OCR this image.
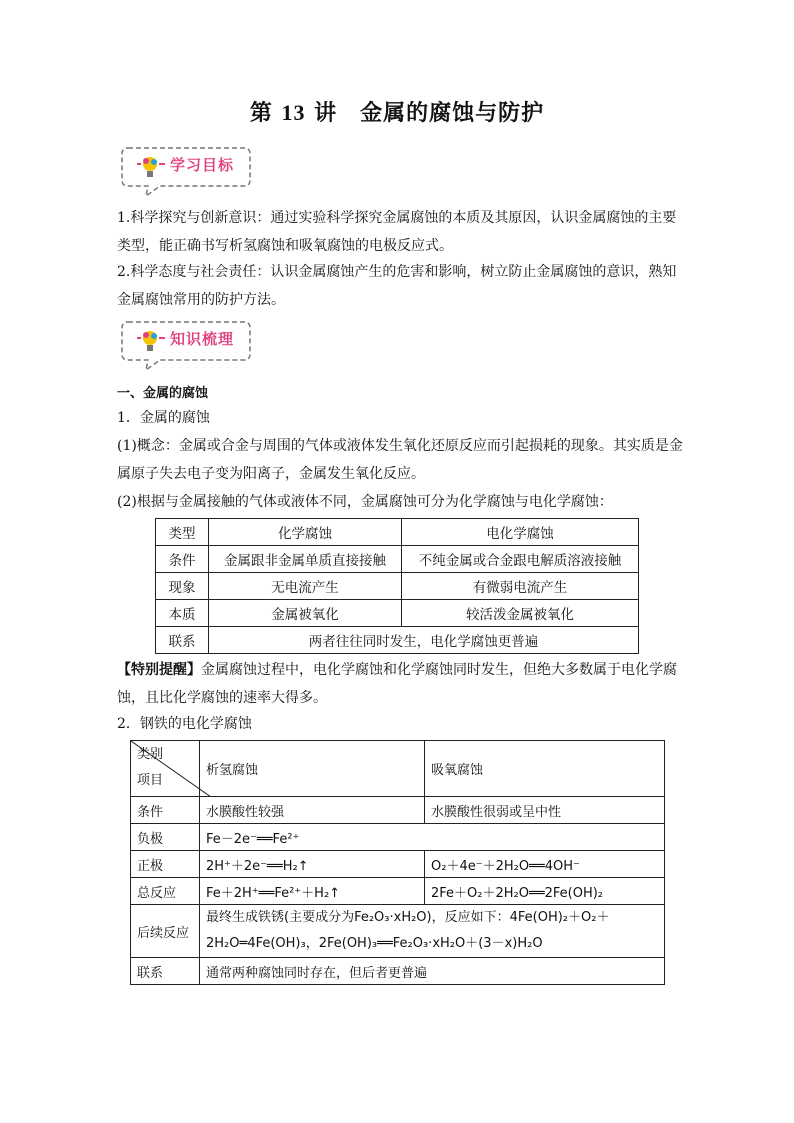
第 13 讲　金属的腐蚀与防护
学习目标
1.科学探究与创新意识：通过实验科学探究金属腐蚀的本质及其原因，认识金属腐蚀的主要类型，能正确书写析氢腐蚀和吸氧腐蚀的电极反应式。
2.科学态度与社会责任：认识金属腐蚀产生的危害和影响，树立防止金属腐蚀的意识，熟知金属腐蚀常用的防护方法。
知识梳理
一、金属的腐蚀
1．金属的腐蚀
(1)概念：金属或合金与周围的气体或液体发生氧化还原反应而引起损耗的现象。其实质是金属原子失去电子变为阳离子，金属发生氧化反应。
(2)根据与金属接触的气体或液体不同，金属腐蚀可分为化学腐蚀与电化学腐蚀：
类型	化学腐蚀	电化学腐蚀
条件	金属跟非金属单质直接接触	不纯金属或合金跟电解质溶液接触
现象	无电流产生	有微弱电流产生
本质	金属被氧化	较活泼金属被氧化
联系	两者往往同时发生，电化学腐蚀更普遍	
【特别提醒】金属腐蚀过程中，电化学腐蚀和化学腐蚀同时发生，但绝大多数属于电化学腐蚀，且比化学腐蚀的速率大得多。
2．钢铁的电化学腐蚀
类别
项目	析氢腐蚀	吸氧腐蚀
条件	水膜酸性较强	水膜酸性很弱或呈中性
负极	Fe－2e⁻══Fe²⁺	
正极	2H⁺＋2e⁻══H₂↑	O₂＋4e⁻＋2H₂O══4OH⁻
总反应	Fe＋2H⁺══Fe²⁺＋H₂↑	2Fe＋O₂＋2H₂O══2Fe(OH)₂
后续反应	最终生成铁锈(主要成分为Fe₂O₃·xH₂O)，反应如下：4Fe(OH)₂＋O₂＋
2H₂O═4Fe(OH)₃，2Fe(OH)₃══Fe₂O₃·xH₂O＋(3－x)H₂O	

联系	通常两种腐蚀同时存在，但后者更普遍	
